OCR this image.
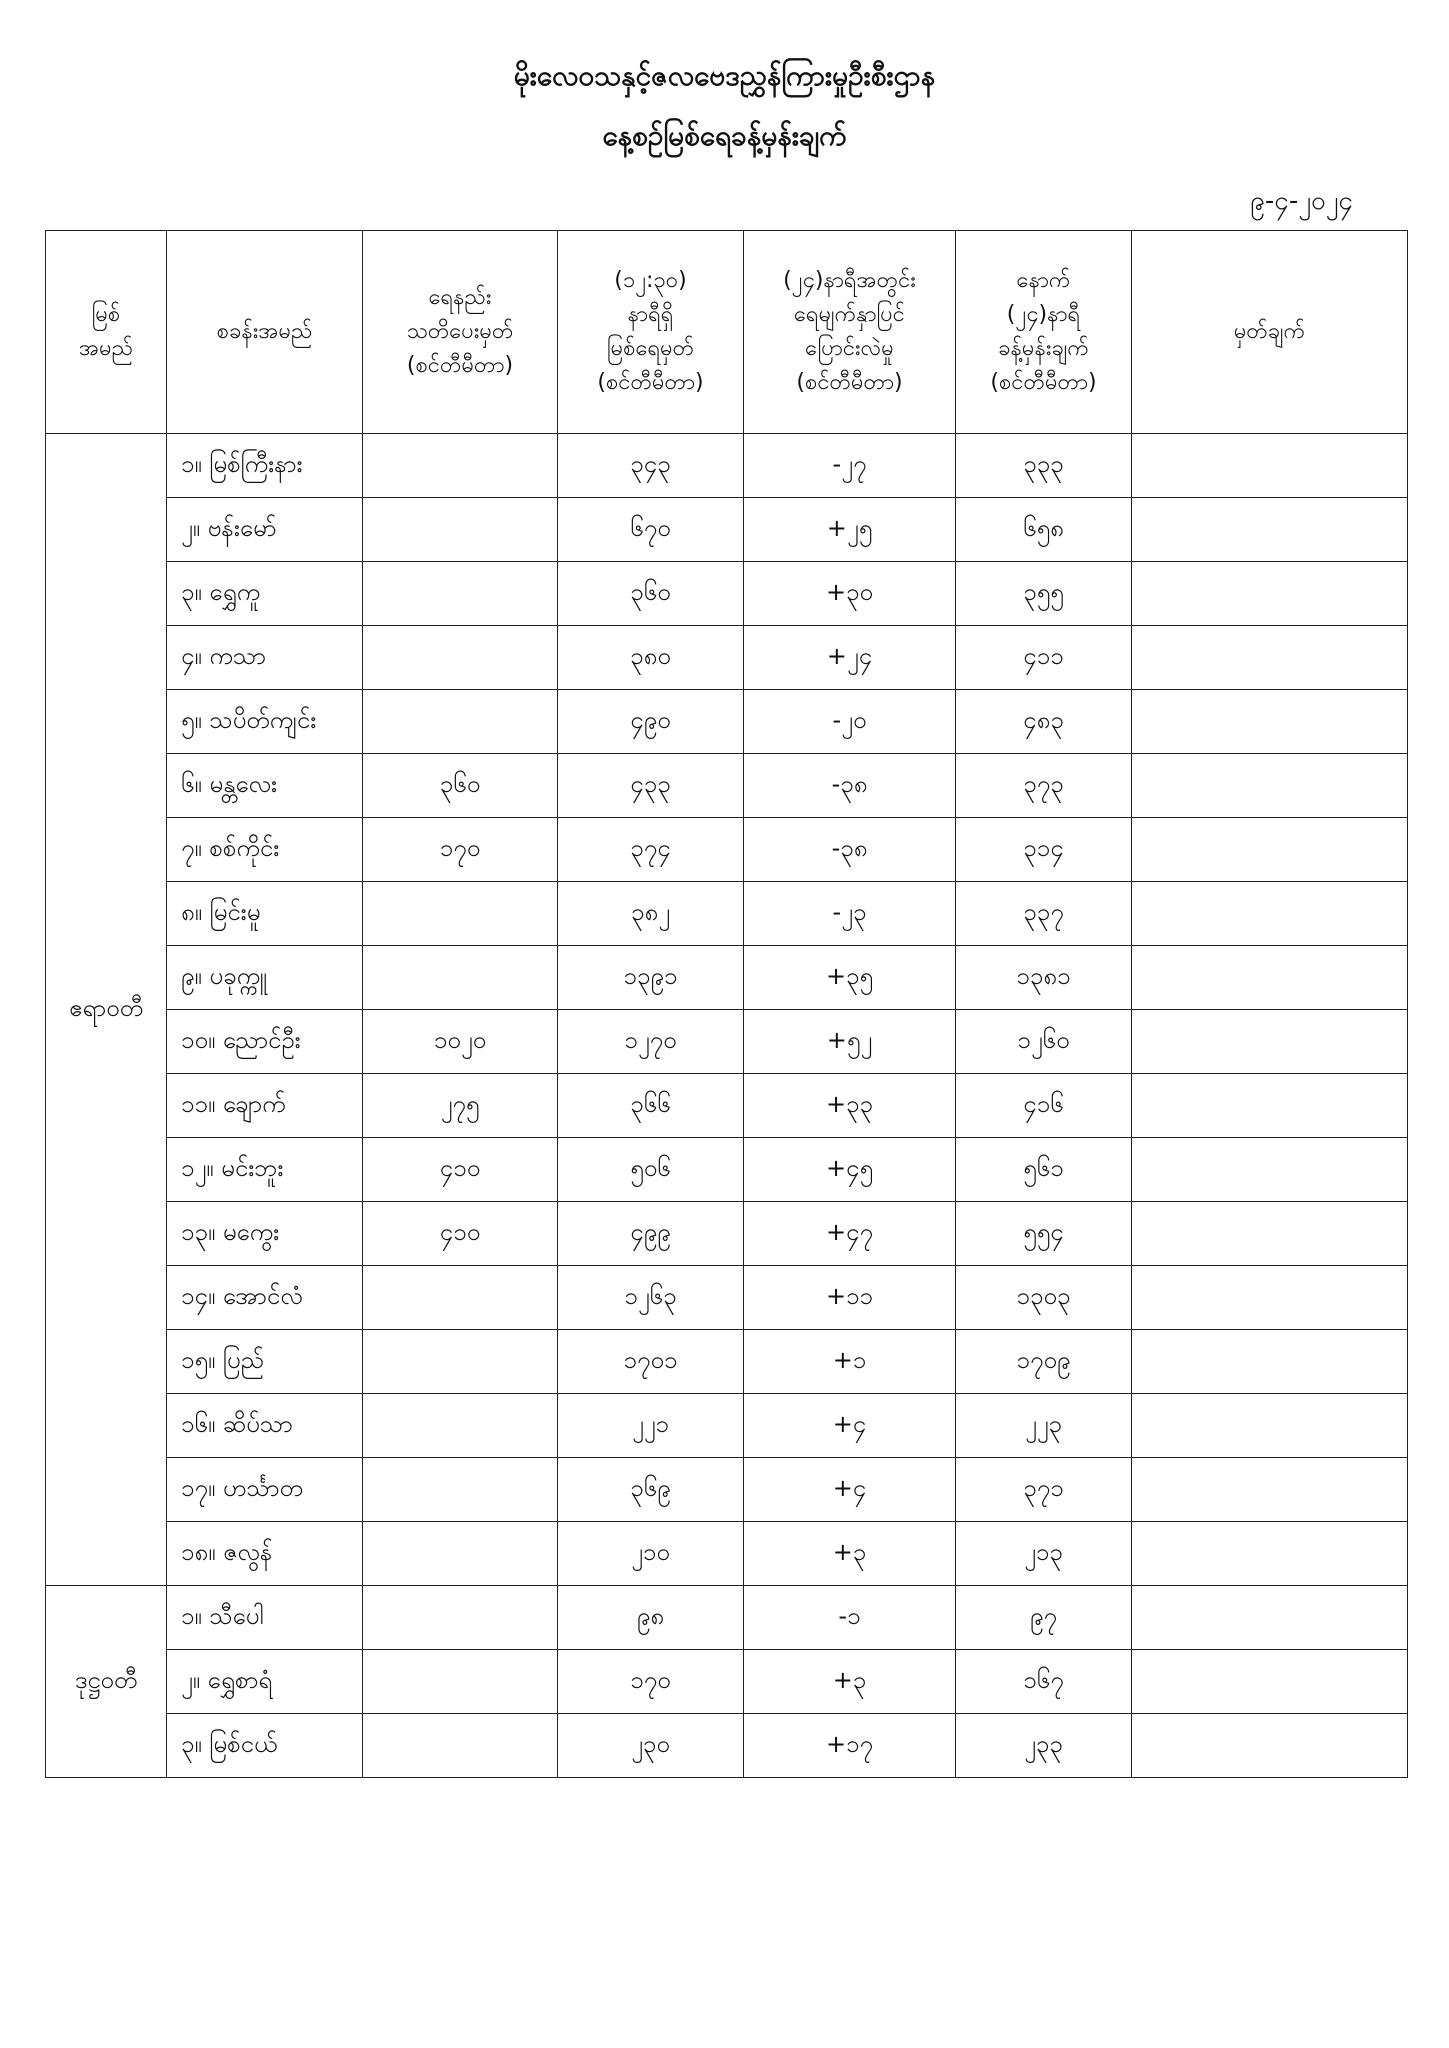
မိုးလေဝသနှင့်ဇလဗေဒညွှန်ကြားမှုဦးစီးဌာန
နေ့စဉ်မြစ်ရေခန့်မှန်းချက်
၉-၄-၂၀၂၄
မြစ်
အမည်	စခန်းအမည်	ရေနည်း
သတိပေးမှတ်
(စင်တီမီတာ)	(၁၂:၃၀)
နာရီရှိ
မြစ်ရေမှတ်
(စင်တီမီတာ)	(၂၄)နာရီအတွင်း
ရေမျက်နှာပြင်
ပြောင်းလဲမှု
(စင်တီမီတာ)	နောက်
(၂၄)နာရီ
ခန့်မှန်းချက်
(စင်တီမီတာ)	မှတ်ချက်

ဧရာဝတီ	၁။ မြစ်ကြီးနား		၃၄၃	-၂၇	၃၃၃	
	၂။ ဗန်းမော်		၆၇၀	+၂၅	၆၅၈	
	၃။ ရွှေကူ		၃၆၀	+၃၀	၃၅၅	
	၄။ ကသာ		၃၈၀	+၂၄	၄၁၁	
	၅။ သပိတ်ကျင်း		၄၉၀	-၂၀	၄၈၃	
	၆။ မန္တလေး	၃၆၀	၄၃၃	-၃၈	၃၇၃	
	၇။ စစ်ကိုင်း	၁၇၀	၃၇၄	-၃၈	၃၁၄	
	၈။ မြင်းမူ		၃၈၂	-၂၃	၃၃၇	
	၉။ ပခုက္ကူ		၁၃၉၁	+၃၅	၁၃၈၁	
	၁၀။ ညောင်ဦး	၁၀၂၀	၁၂၇၀	+၅၂	၁၂၆၀	
	၁၁။ ချောက်	၂၇၅	၃၆၆	+၃၃	၄၁၆	
	၁၂။ မင်းဘူး	၄၁၀	၅၀၆	+၄၅	၅၆၁	
	၁၃။ မကွေး	၄၁၀	၄၉၉	+၄၇	၅၅၄	
	၁၄။ အောင်လံ		၁၂၆၃	+၁၁	၁၃၀၃	
	၁၅။ ပြည်		၁၇၀၁	+၁	၁၇၀၉	
	၁၆။ ဆိပ်သာ		၂၂၁	+၄	၂၂၃	
	၁၇။ ဟင်္သာတ		၃၆၉	+၄	၃၇၁	
	၁၈။ ဇလွန်		၂၁၀	+၃	၂၁၃	
ဒုဋ္ဌဝတီ	၁။ သီပေါ		၉၈	-၁	၉၇	
	၂။ ရွှေစာရံ		၁၇၀	+၃	၁၆၇	
	၃။ မြစ်ငယ်		၂၃၀	+၁၇	၂၃၃	
